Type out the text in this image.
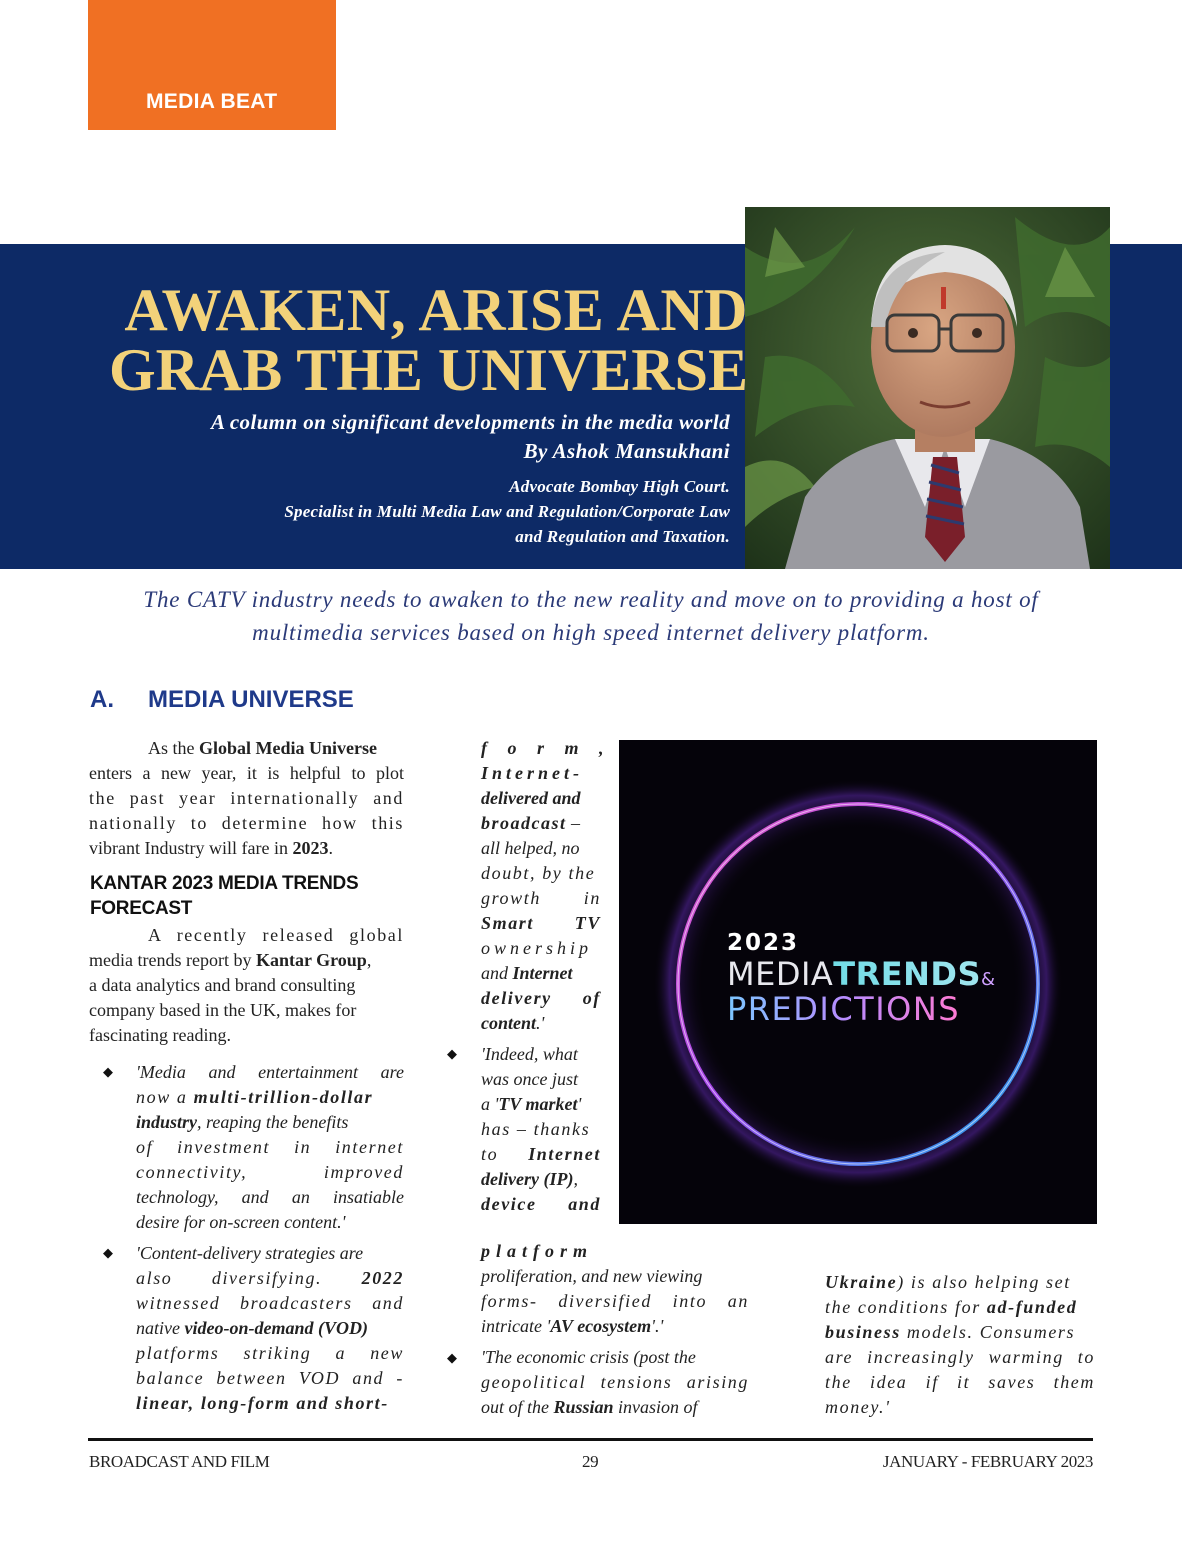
MEDIA BEAT
AWAKEN, ARISE AND
GRAB THE UNIVERSE
A column on significant developments in the media world
By Ashok Mansukhani
Advocate Bombay High Court.
Specialist in Multi Media Law and Regulation/Corporate Law
and Regulation and Taxation.
The CATV industry needs to awaken to the new reality and move on to providing a host of
multimedia services based on high speed internet delivery platform.
A. MEDIA UNIVERSE
As the Global Media Universe
enters a new year, it is helpful to plot
the past year internationally and
nationally to determine how this
vibrant Industry will fare in 2023.
KANTAR 2023 MEDIA TRENDS
FORECAST
A recently released global
media trends report by Kantar Group,
a data analytics and brand consulting
company based in the UK, makes for
fascinating reading.
◆ 'Media and entertainment are
now a multi-trillion-dollar
industry, reaping the benefits
of investment in internet
connectivity, improved
technology, and an insatiable
desire for on-screen content.'
◆ 'Content-delivery strategies are
also diversifying. 2022
witnessed broadcasters and
native video-on-demand (VOD)
platforms striking a new
balance between VOD and -
linear, long-form and short-
f o r m ,
Internet-
delivered and
broadcast –
all helped, no
doubt, by the
growth in
Smart TV
ownership
and Internet
delivery of
content.'
◆ 'Indeed, what
was once just
a 'TV market'
has – thanks
to Internet
delivery (IP),
device and
platform
proliferation, and new viewing
forms- diversified into an
intricate 'AV ecosystem'.'
◆ 'The economic crisis (post the
geopolitical tensions arising
out of the Russian invasion of
Ukraine) is also helping set
the conditions for ad-funded
business models. Consumers
are increasingly warming to
the idea if it saves them
money.'
2023
MEDIATRENDS&
PREDICTIONS
BROADCAST AND FILM	29	JANUARY - FEBRUARY 2023
